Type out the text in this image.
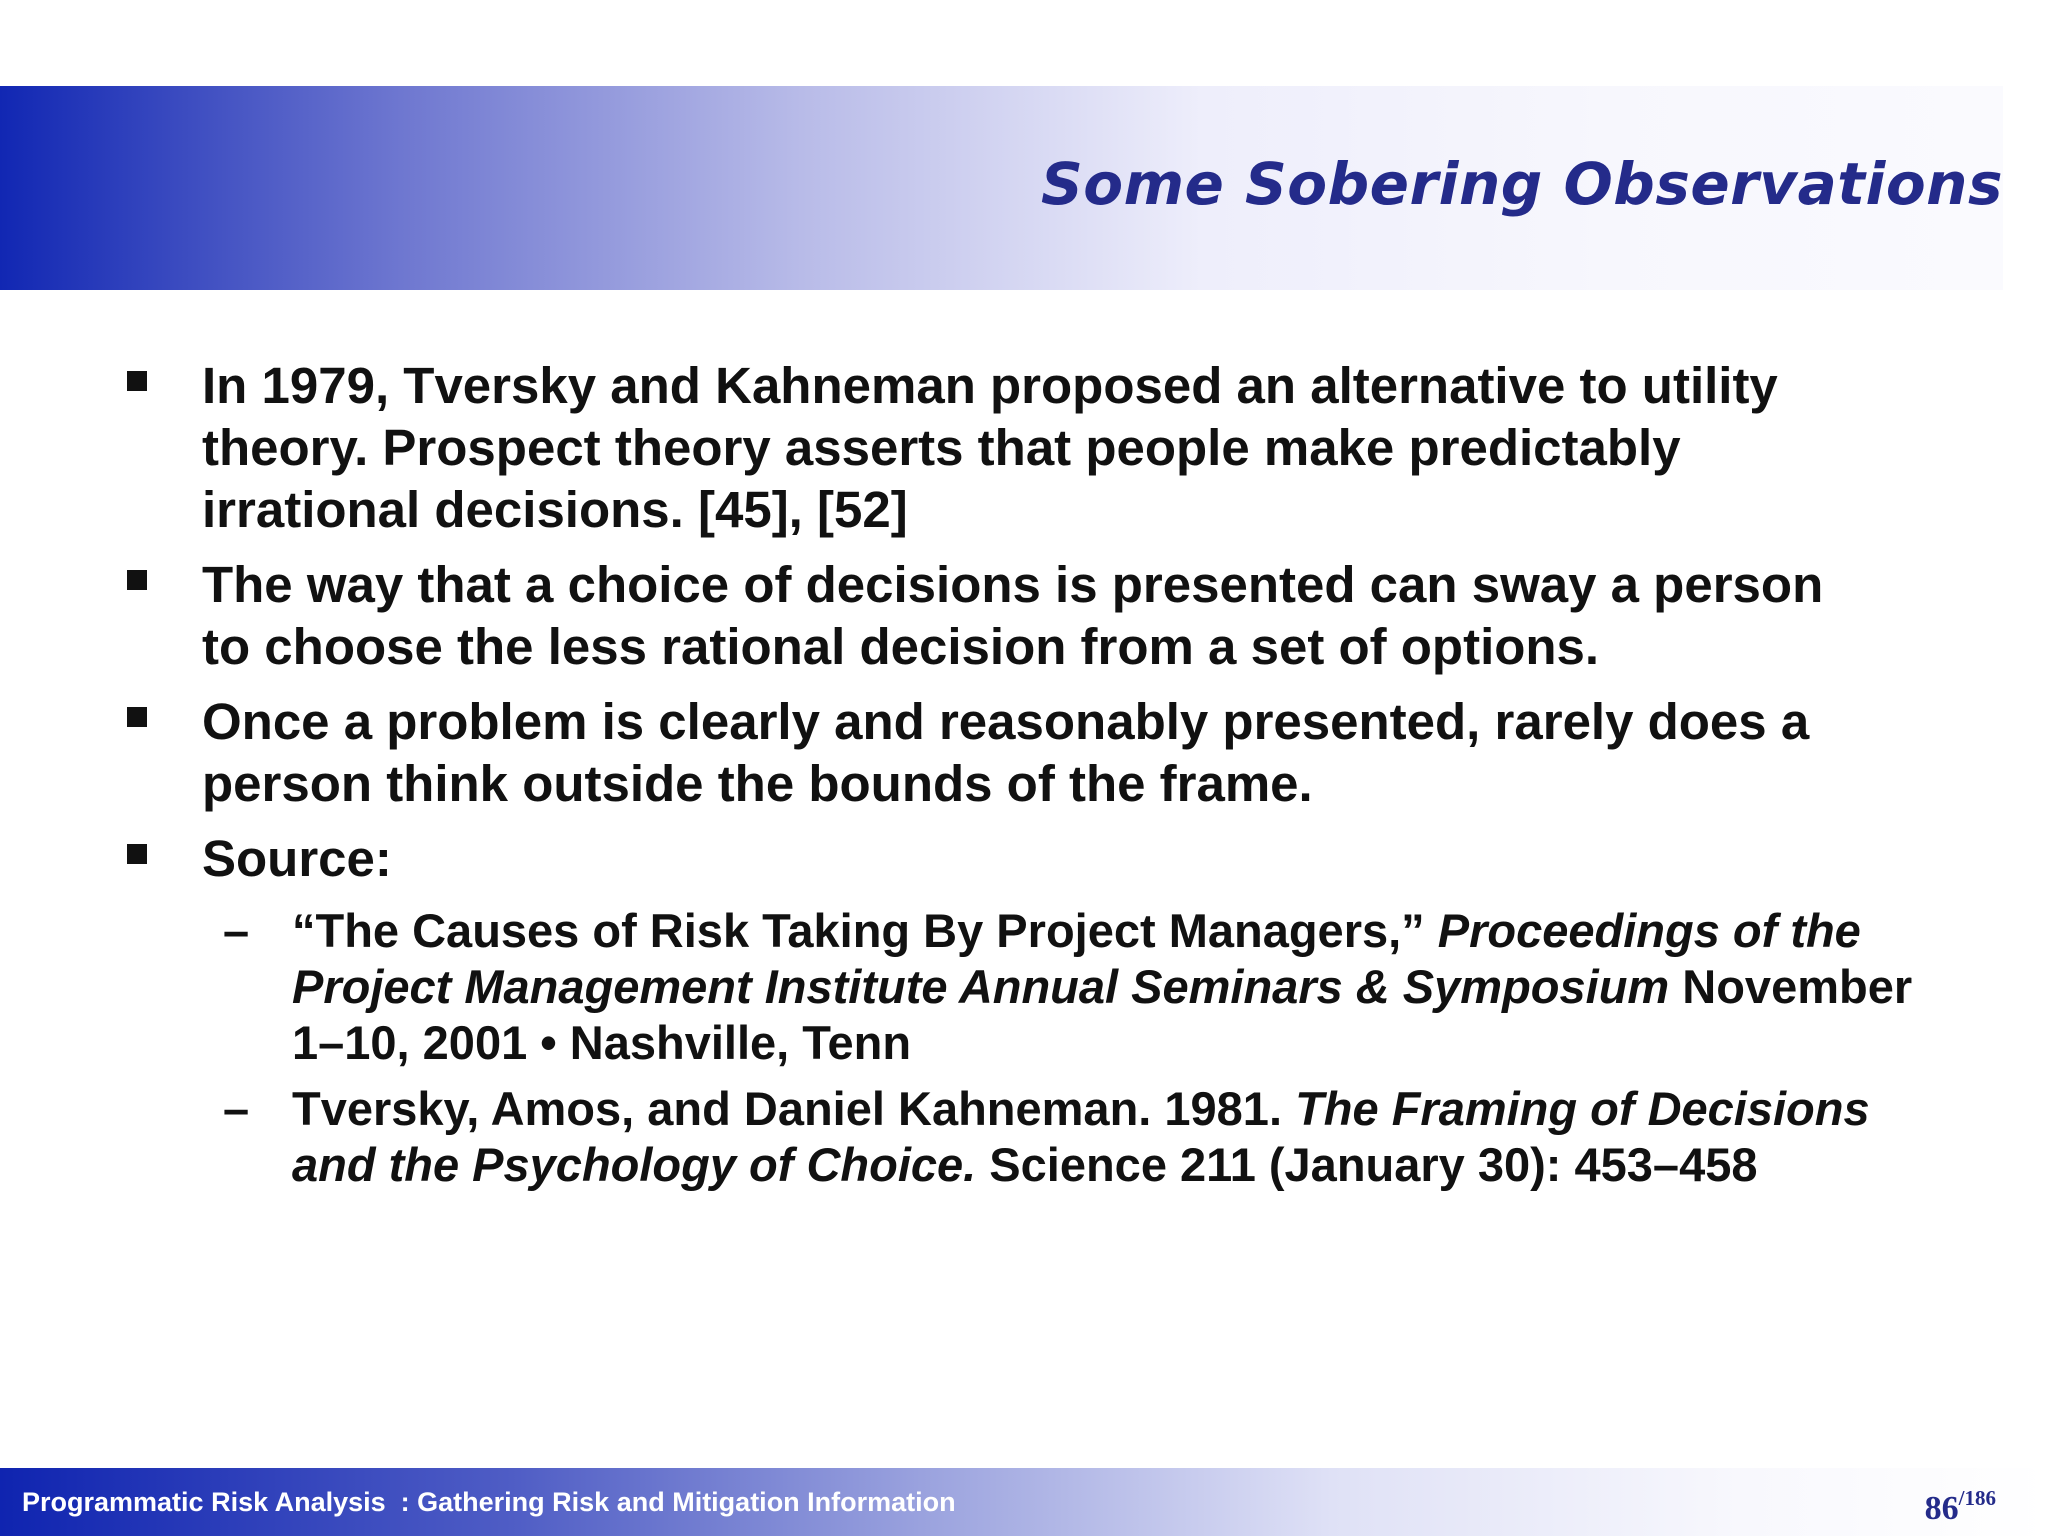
Some Sobering Observations
In 1979, Tversky and Kahneman proposed an alternative to utility theory. Prospect theory asserts that people make predictably irrational decisions. [45], [52]
The way that a choice of decisions is presented can sway a person to choose the less rational decision from a set of options.
Once a problem is clearly and reasonably presented, rarely does a person think outside the bounds of the frame.
Source:
– “The Causes of Risk Taking By Project Managers,” Proceedings of the Project Management Institute Annual Seminars & Symposium November 1–10, 2001 • Nashville, Tenn
– Tversky, Amos, and Daniel Kahneman. 1981. The Framing of Decisions and the Psychology of Choice. Science 211 (January 30): 453–458
Programmatic Risk Analysis  : Gathering Risk and Mitigation Information	86/186
